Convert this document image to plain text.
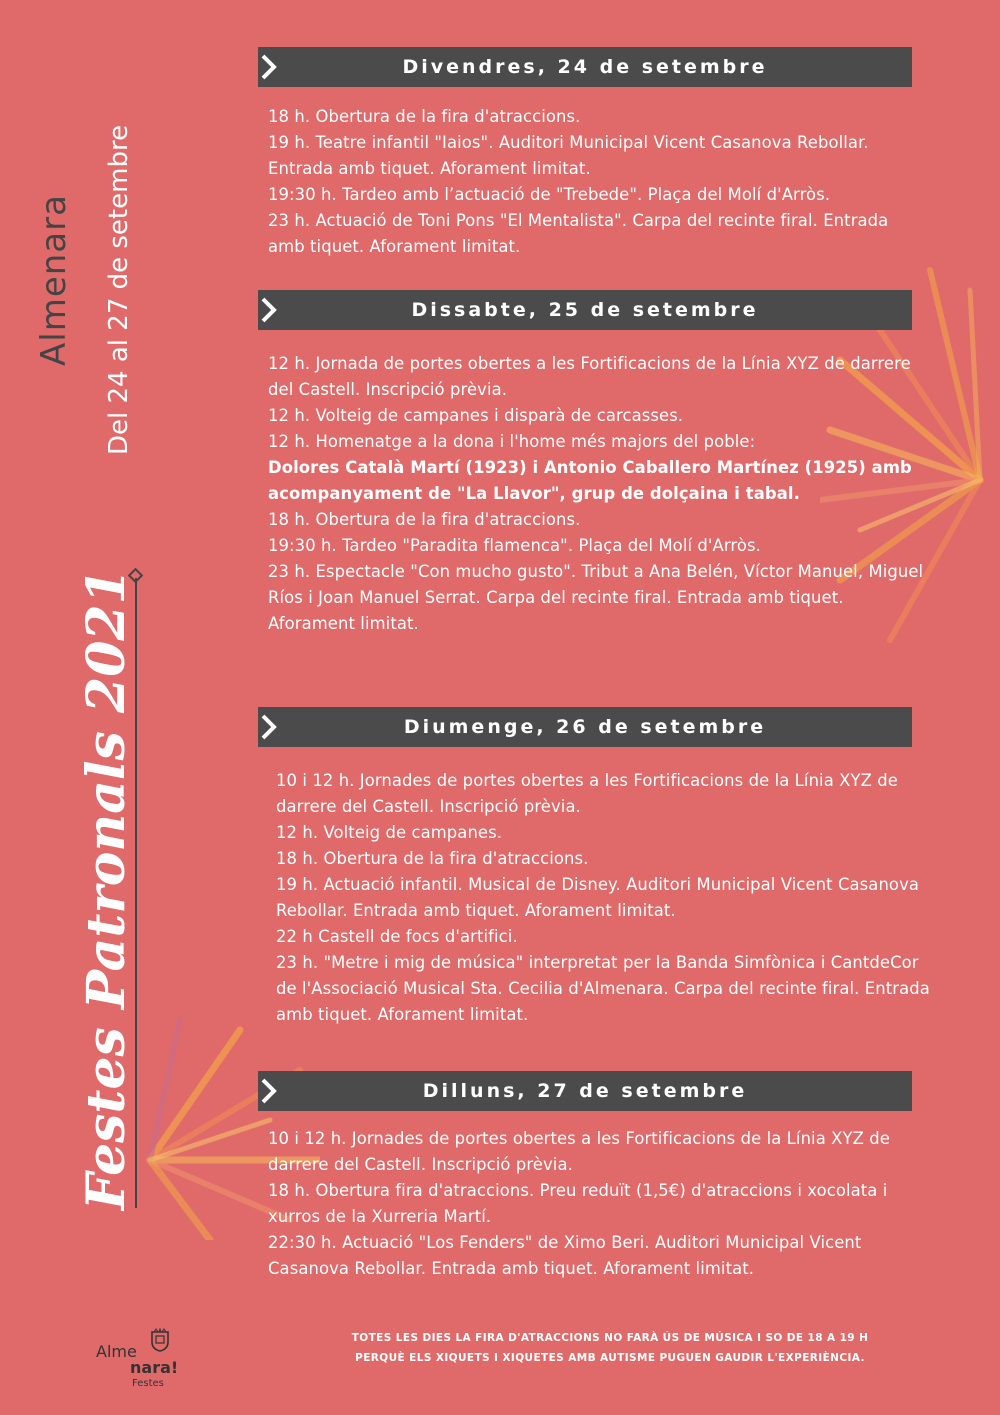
Almenara Del 24 al 27 de setembre
Festes Patronals 2021
Divendres, 24 de setembre

18 h. Obertura de la fira d'atraccions.

19 h. Teatre infantil "Iaios". Auditori Municipal Vicent Casanova Rebollar. Entrada amb tiquet. Aforament limitat.

19:30 h. Tardeo amb l’actuació de "Trebede". Plaça del Molí d'Arròs.

23 h. Actuació de Toni Pons "El Mentalista". Carpa del recinte firal. Entrada amb tiquet. Aforament limitat.

Dissabte, 25 de setembre

12 h. Jornada de portes obertes a les Fortificacions de la Línia XYZ de darrere del Castell. Inscripció prèvia.

12 h. Volteig de campanes i disparà de carcasses.

12 h. Homenatge a la dona i l'home més majors del poble:

Dolores Català Martí (1923) i Antonio Caballero Martínez (1925) amb acompanyament de "La Llavor", grup de dolçaina i tabal.

18 h. Obertura de la fira d'atraccions.

19:30 h. Tardeo "Paradita flamenca". Plaça del Molí d'Arròs.

23 h. Espectacle "Con mucho gusto". Tribut a Ana Belén, Víctor Manuel, Miguel Ríos i Joan Manuel Serrat. Carpa del recinte firal. Entrada amb tiquet. Aforament limitat.

Diumenge, 26 de setembre

10 i 12 h. Jornades de portes obertes a les Fortificacions de la Línia XYZ de darrere del Castell. Inscripció prèvia.

12 h. Volteig de campanes.

18 h. Obertura de la fira d'atraccions.

19 h. Actuació infantil. Musical de Disney. Auditori Municipal Vicent Casanova Rebollar. Entrada amb tiquet. Aforament limitat.

22 h Castell de focs d'artifici.

23 h. "Metre i mig de música" interpretat per la Banda Simfònica i CantdeCor de l'Associació Musical Sta. Cecilia d'Almenara. Carpa del recinte firal. Entrada amb tiquet. Aforament limitat.

Dilluns, 27 de setembre

10 i 12 h. Jornades de portes obertes a les Fortificacions de la Línia XYZ de darrere del Castell. Inscripció prèvia.

18 h. Obertura fira d'atraccions. Preu reduït (1,5€) d'atraccions i xocolata i xurros de la Xurreria Martí.

22:30 h. Actuació "Los Fenders" de Ximo Beri. Auditori Municipal Vicent Casanova Rebollar. Entrada amb tiquet. Aforament limitat.

Alme
nara!
Festes
TOTES LES DIES LA FIRA D'ATRACCIONS NO FARÀ ÚS DE MÚSICA I SO DE 18 A 19 H
PERQUÈ ELS XIQUETS I XIQUETES AMB AUTISME PUGUEN GAUDIR L'EXPERIÈNCIA.
